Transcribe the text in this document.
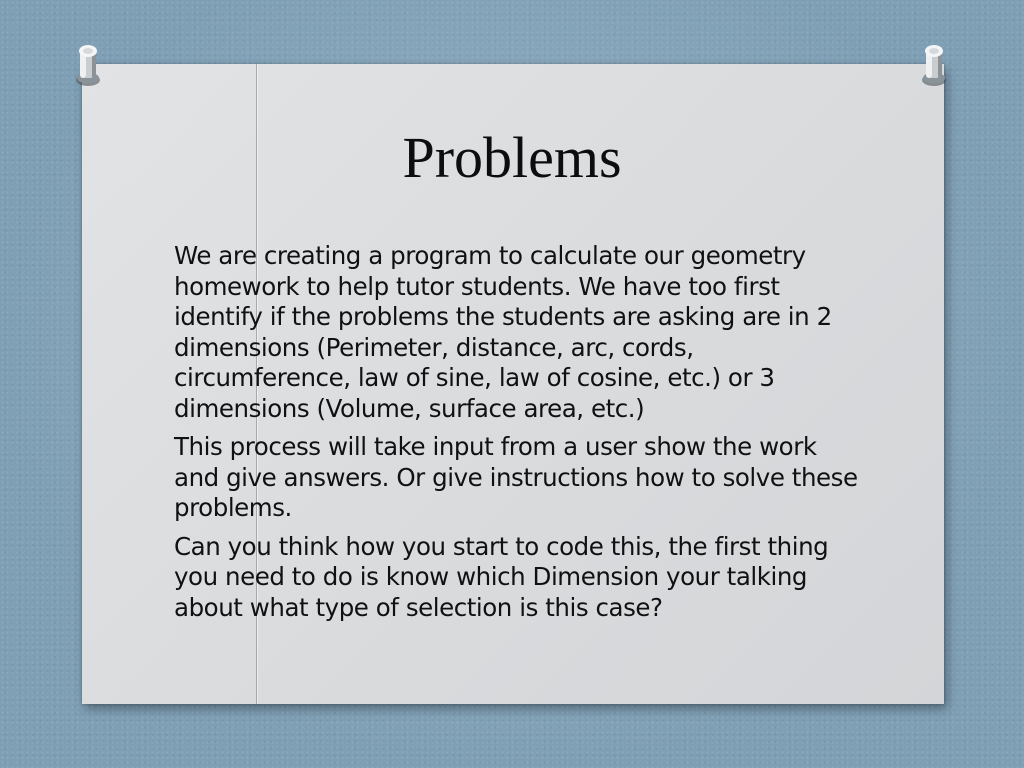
Problems

We are creating a program to calculate our geometry homework to help tutor students. We have too first identify if the problems the students are asking are in 2 dimensions (Perimeter, distance, arc, cords, circumference, law of sine, law of cosine, etc.) or 3 dimensions (Volume, surface area, etc.)

This process will take input from a user show the work and give answers. Or give instructions how to solve these problems.

Can you think how you start to code this, the first thing you need to do is know which Dimension your talking about what type of selection is this case?
